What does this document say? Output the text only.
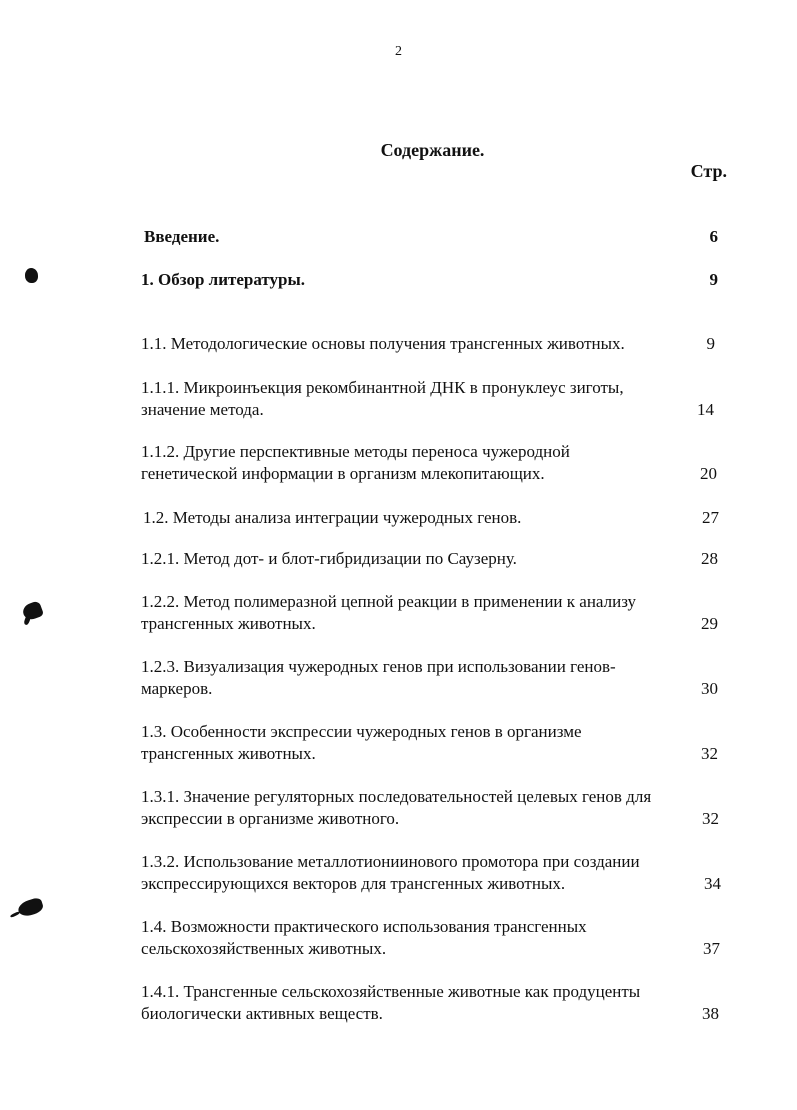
2
Содержание.
Стр.
Введение.	6
1. Обзор литературы.	9
1.1. Методологические основы получения трансгенных животных.	9
1.1.1. Микроинъекция рекомбинантной ДНК в пронуклеус зиготы,
значение метода.	14
1.1.2. Другие перспективные методы переноса чужеродной
генетической информации в организм млекопитающих.	20
1.2. Методы анализа интеграции чужеродных генов.	27
1.2.1. Метод дот- и блот-гибридизации по Саузерну.	28
1.2.2. Метод полимеразной цепной реакции в применении к анализу
трансгенных животных.	29
1.2.3. Визуализация чужеродных генов при использовании генов-
маркеров.	30
1.3. Особенности экспрессии чужеродных генов в организме
трансгенных животных.	32
1.3.1. Значение регуляторных последовательностей целевых генов для
экспрессии в организме животного.	32
1.3.2. Использование металлотиониинового промотора при создании
экспрессирующихся векторов для трансгенных животных.	34
1.4. Возможности практического использования трансгенных
сельскохозяйственных животных.	37
1.4.1. Трансгенные сельскохозяйственные животные как продуценты
биологически активных веществ.	38
